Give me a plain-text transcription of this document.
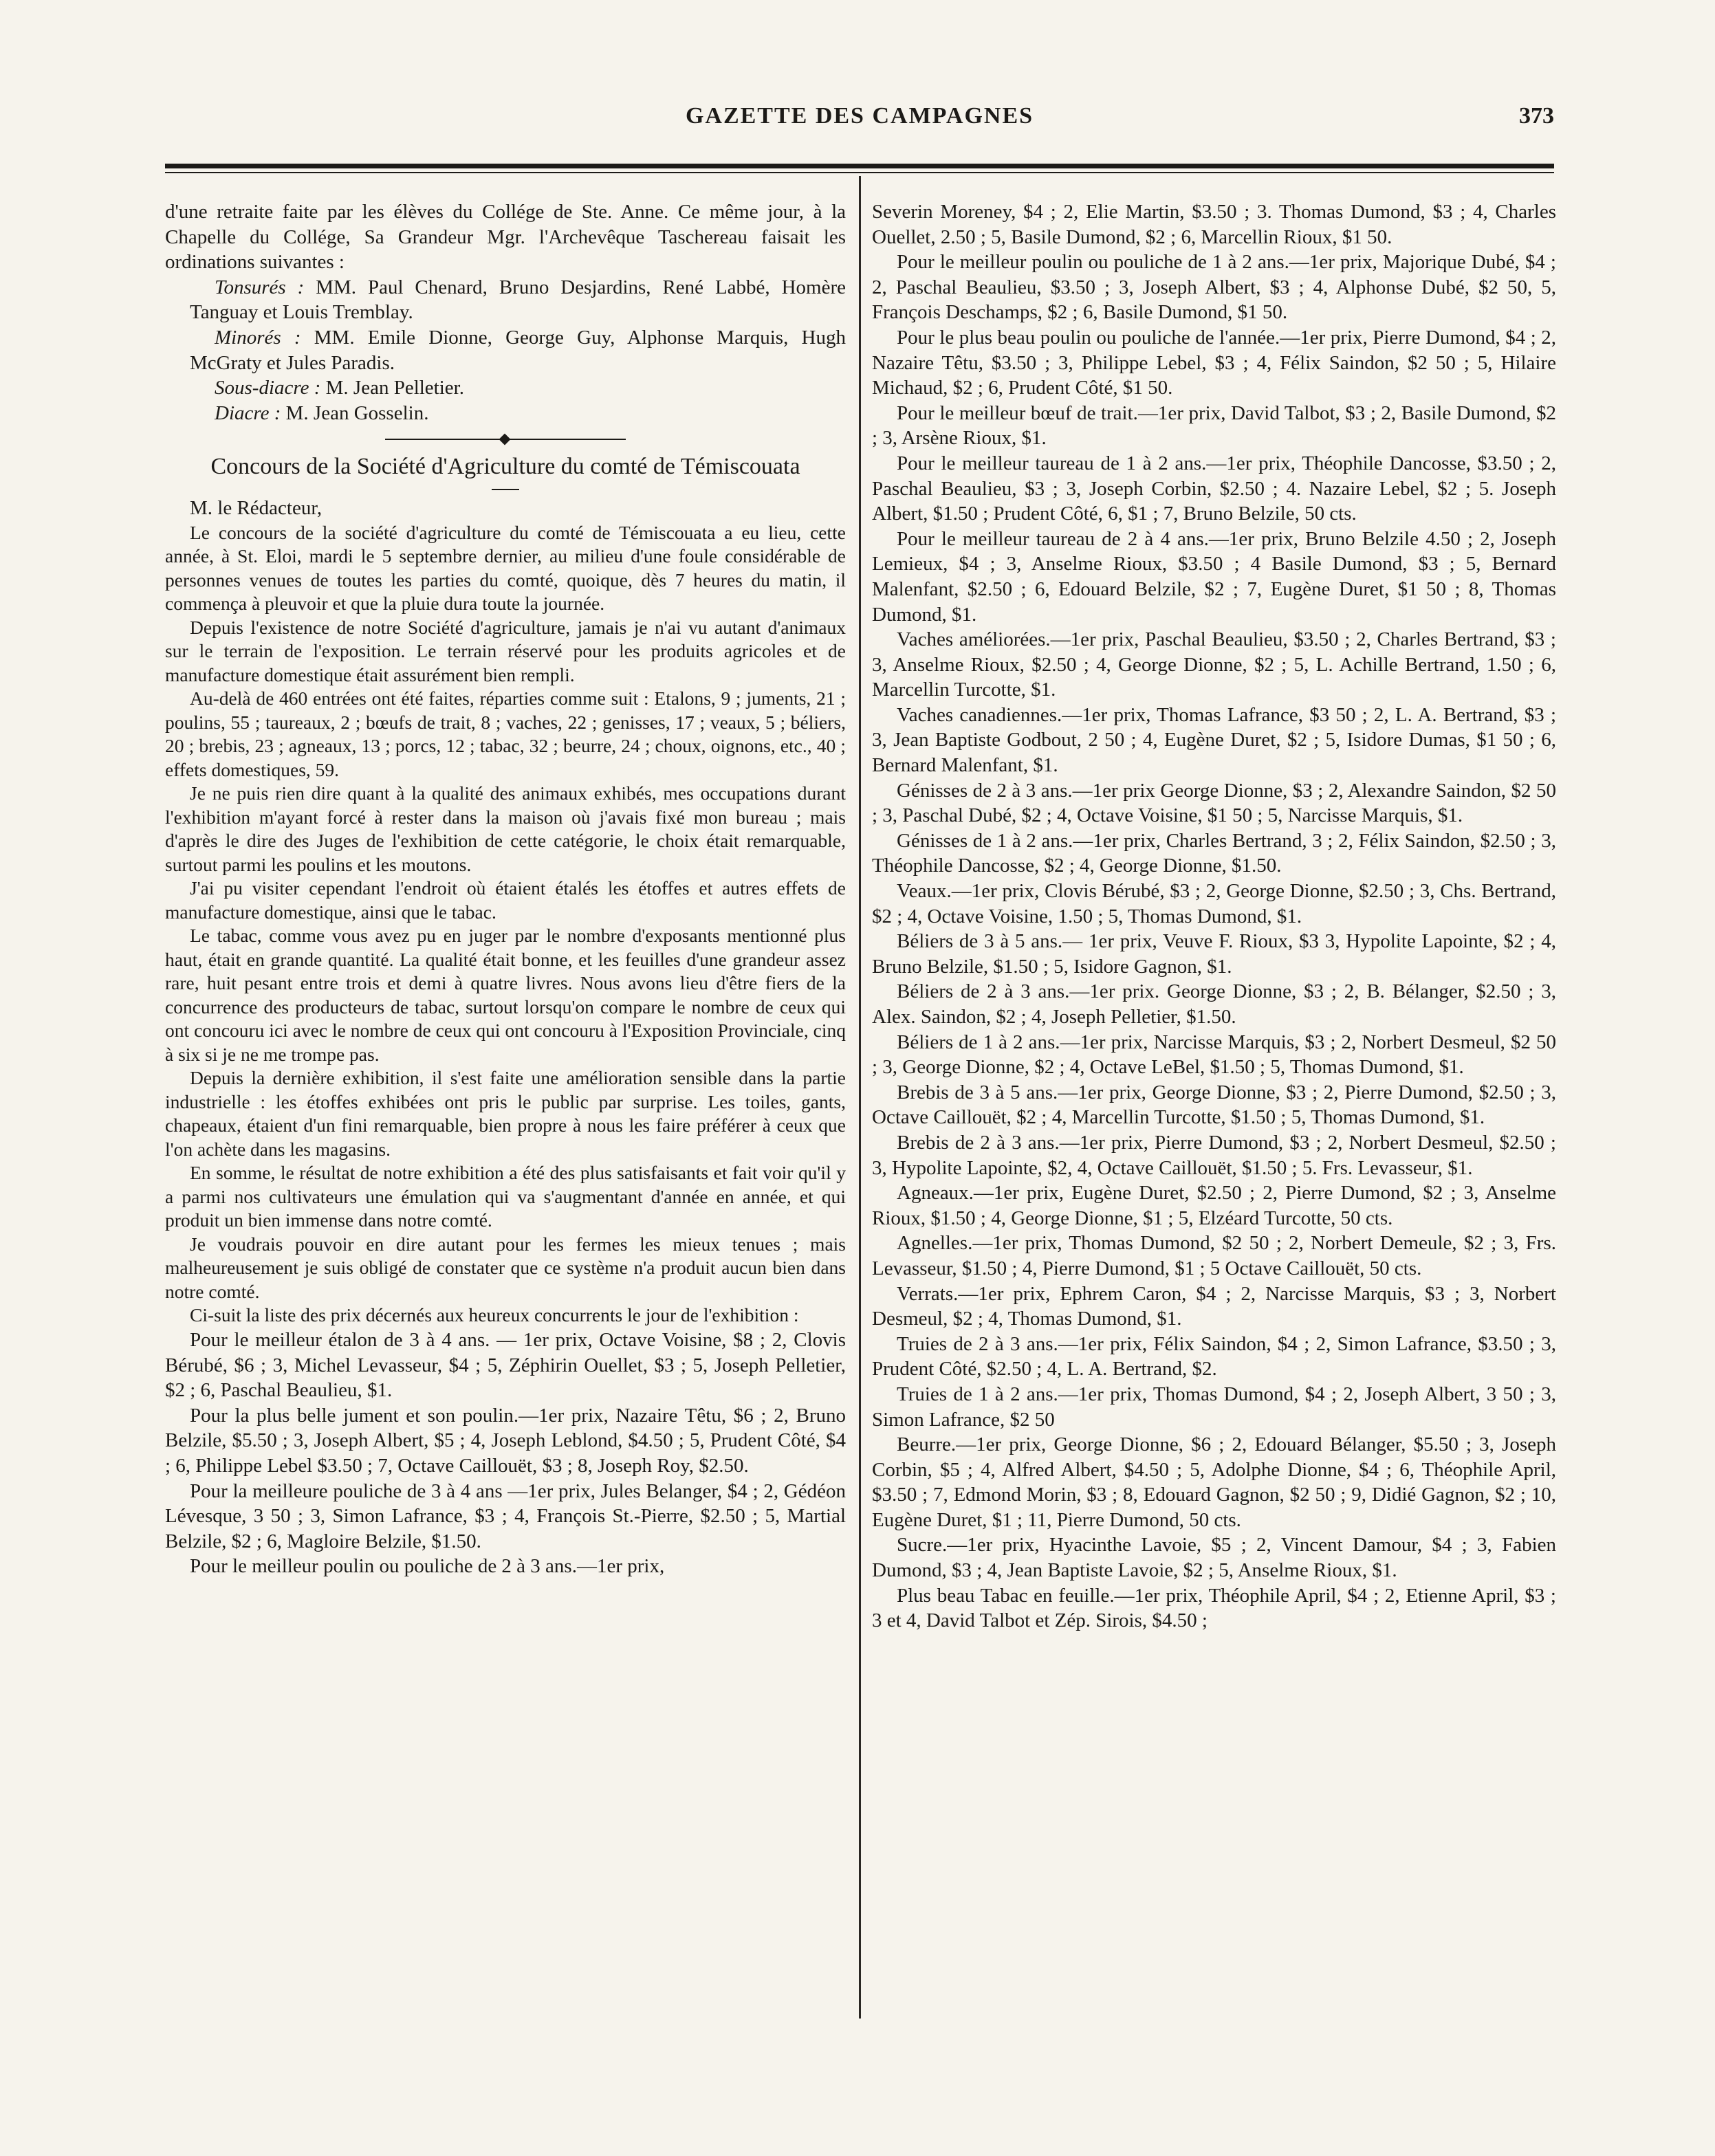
GAZETTE DES CAMPAGNES	373

d'une retraite faite par les élèves du Collége de Ste. Anne. Ce même jour, à la Chapelle du Collége, Sa Grandeur Mgr. l'Archevêque Taschereau faisait les ordinations suivantes :

Tonsurés : MM. Paul Chenard, Bruno Desjardins, René Labbé, Homère Tanguay et Louis Tremblay.

Minorés : MM. Emile Dionne, George Guy, Alphonse Marquis, Hugh McGraty et Jules Paradis.

Sous-diacre : M. Jean Pelletier.

Diacre : M. Jean Gosselin.

Concours de la Société d'Agriculture du comté de Témiscouata

M. le Rédacteur,

Le concours de la société d'agriculture du comté de Témiscouata a eu lieu, cette année, à St. Eloi, mardi le 5 septembre dernier, au milieu d'une foule considérable de personnes venues de toutes les parties du comté, quoique, dès 7 heures du matin, il commença à pleuvoir et que la pluie dura toute la journée.

Depuis l'existence de notre Société d'agriculture, jamais je n'ai vu autant d'animaux sur le terrain de l'exposition. Le terrain réservé pour les produits agricoles et de manufacture domestique était assurément bien rempli.

Au-delà de 460 entrées ont été faites, réparties comme suit : Etalons, 9 ; juments, 21 ; poulins, 55 ; taureaux, 2 ; bœufs de trait, 8 ; vaches, 22 ; genisses, 17 ; veaux, 5 ; béliers, 20 ; brebis, 23 ; agneaux, 13 ; porcs, 12 ; tabac, 32 ; beurre, 24 ; choux, oignons, etc., 40 ; effets domestiques, 59.

Je ne puis rien dire quant à la qualité des animaux exhibés, mes occupations durant l'exhibition m'ayant forcé à rester dans la maison où j'avais fixé mon bureau ; mais d'après le dire des Juges de l'exhibition de cette catégorie, le choix était remarquable, surtout parmi les poulins et les moutons.

J'ai pu visiter cependant l'endroit où étaient étalés les étoffes et autres effets de manufacture domestique, ainsi que le tabac.

Le tabac, comme vous avez pu en juger par le nombre d'exposants mentionné plus haut, était en grande quantité. La qualité était bonne, et les feuilles d'une grandeur assez rare, huit pesant entre trois et demi à quatre livres. Nous avons lieu d'être fiers de la concurrence des producteurs de tabac, surtout lorsqu'on compare le nombre de ceux qui ont concouru ici avec le nombre de ceux qui ont concouru à l'Exposition Provinciale, cinq à six si je ne me trompe pas.

Depuis la dernière exhibition, il s'est faite une amélioration sensible dans la partie industrielle : les étoffes exhibées ont pris le public par surprise. Les toiles, gants, chapeaux, étaient d'un fini remarquable, bien propre à nous les faire préférer à ceux que l'on achète dans les magasins.

En somme, le résultat de notre exhibition a été des plus satisfaisants et fait voir qu'il y a parmi nos cultivateurs une émulation qui va s'augmentant d'année en année, et qui produit un bien immense dans notre comté.

Je voudrais pouvoir en dire autant pour les fermes les mieux tenues ; mais malheureusement je suis obligé de constater que ce système n'a produit aucun bien dans notre comté.

Ci-suit la liste des prix décernés aux heureux concurrents le jour de l'exhibition :

Pour le meilleur étalon de 3 à 4 ans. — 1er prix, Octave Voisine, $8 ; 2, Clovis Bérubé, $6 ; 3, Michel Levasseur, $4 ; 5, Zéphirin Ouellet, $3 ; 5, Joseph Pelletier, $2 ; 6, Paschal Beaulieu, $1.

Pour la plus belle jument et son poulin.—1er prix, Nazaire Têtu, $6 ; 2, Bruno Belzile, $5.50 ; 3, Joseph Albert, $5 ; 4, Joseph Leblond, $4.50 ; 5, Prudent Côté, $4 ; 6, Philippe Lebel $3.50 ; 7, Octave Caillouët, $3 ; 8, Joseph Roy, $2.50.

Pour la meilleure pouliche de 3 à 4 ans —1er prix, Jules Belanger, $4 ; 2, Gédéon Lévesque, 3 50 ; 3, Simon Lafrance, $3 ; 4, François St.-Pierre, $2.50 ; 5, Martial Belzile, $2 ; 6, Magloire Belzile, $1.50.

Pour le meilleur poulin ou pouliche de 2 à 3 ans.—1er prix,

Severin Moreney, $4 ; 2, Elie Martin, $3.50 ; 3. Thomas Dumond, $3 ; 4, Charles Ouellet, 2.50 ; 5, Basile Dumond, $2 ; 6, Marcellin Rioux, $1 50.

Pour le meilleur poulin ou pouliche de 1 à 2 ans.—1er prix, Majorique Dubé, $4 ; 2, Paschal Beaulieu, $3.50 ; 3, Joseph Albert, $3 ; 4, Alphonse Dubé, $2 50, 5, François Deschamps, $2 ; 6, Basile Dumond, $1 50.

Pour le plus beau poulin ou pouliche de l'année.—1er prix, Pierre Dumond, $4 ; 2, Nazaire Têtu, $3.50 ; 3, Philippe Lebel, $3 ; 4, Félix Saindon, $2 50 ; 5, Hilaire Michaud, $2 ; 6, Prudent Côté, $1 50.

Pour le meilleur bœuf de trait.—1er prix, David Talbot, $3 ; 2, Basile Dumond, $2 ; 3, Arsène Rioux, $1.

Pour le meilleur taureau de 1 à 2 ans.—1er prix, Théophile Dancosse, $3.50 ; 2, Paschal Beaulieu, $3 ; 3, Joseph Corbin, $2.50 ; 4. Nazaire Lebel, $2 ; 5. Joseph Albert, $1.50 ; Prudent Côté, 6, $1 ; 7, Bruno Belzile, 50 cts.

Pour le meilleur taureau de 2 à 4 ans.—1er prix, Bruno Belzile 4.50 ; 2, Joseph Lemieux, $4 ; 3, Anselme Rioux, $3.50 ; 4 Basile Dumond, $3 ; 5, Bernard Malenfant, $2.50 ; 6, Edouard Belzile, $2 ; 7, Eugène Duret, $1 50 ; 8, Thomas Dumond, $1.

Vaches améliorées.—1er prix, Paschal Beaulieu, $3.50 ; 2, Charles Bertrand, $3 ; 3, Anselme Rioux, $2.50 ; 4, George Dionne, $2 ; 5, L. Achille Bertrand, 1.50 ; 6, Marcellin Turcotte, $1.

Vaches canadiennes.—1er prix, Thomas Lafrance, $3 50 ; 2, L. A. Bertrand, $3 ; 3, Jean Baptiste Godbout, 2 50 ; 4, Eugène Duret, $2 ; 5, Isidore Dumas, $1 50 ; 6, Bernard Malenfant, $1.

Génisses de 2 à 3 ans.—1er prix George Dionne, $3 ; 2, Alexandre Saindon, $2 50 ; 3, Paschal Dubé, $2 ; 4, Octave Voisine, $1 50 ; 5, Narcisse Marquis, $1.

Génisses de 1 à 2 ans.—1er prix, Charles Bertrand, 3 ; 2, Félix Saindon, $2.50 ; 3, Théophile Dancosse, $2 ; 4, George Dionne, $1.50.

Veaux.—1er prix, Clovis Bérubé, $3 ; 2, George Dionne, $2.50 ; 3, Chs. Bertrand, $2 ; 4, Octave Voisine, 1.50 ; 5, Thomas Dumond, $1.

Béliers de 3 à 5 ans.— 1er prix, Veuve F. Rioux, $3 3, Hypolite Lapointe, $2 ; 4, Bruno Belzile, $1.50 ; 5, Isidore Gagnon, $1.

Béliers de 2 à 3 ans.—1er prix. George Dionne, $3 ; 2, B. Bélanger, $2.50 ; 3, Alex. Saindon, $2 ; 4, Joseph Pelletier, $1.50.

Béliers de 1 à 2 ans.—1er prix, Narcisse Marquis, $3 ; 2, Norbert Desmeul, $2 50 ; 3, George Dionne, $2 ; 4, Octave LeBel, $1.50 ; 5, Thomas Dumond, $1.

Brebis de 3 à 5 ans.—1er prix, George Dionne, $3 ; 2, Pierre Dumond, $2.50 ; 3, Octave Caillouët, $2 ; 4, Marcellin Turcotte, $1.50 ; 5, Thomas Dumond, $1.

Brebis de 2 à 3 ans.—1er prix, Pierre Dumond, $3 ; 2, Norbert Desmeul, $2.50 ; 3, Hypolite Lapointe, $2, 4, Octave Caillouët, $1.50 ; 5. Frs. Levasseur, $1.

Agneaux.—1er prix, Eugène Duret, $2.50 ; 2, Pierre Dumond, $2 ; 3, Anselme Rioux, $1.50 ; 4, George Dionne, $1 ; 5, Elzéard Turcotte, 50 cts.

Agnelles.—1er prix, Thomas Dumond, $2 50 ; 2, Norbert Demeule, $2 ; 3, Frs. Levasseur, $1.50 ; 4, Pierre Dumond, $1 ; 5 Octave Caillouët, 50 cts.

Verrats.—1er prix, Ephrem Caron, $4 ; 2, Narcisse Marquis, $3 ; 3, Norbert Desmeul, $2 ; 4, Thomas Dumond, $1.

Truies de 2 à 3 ans.—1er prix, Félix Saindon, $4 ; 2, Simon Lafrance, $3.50 ; 3, Prudent Côté, $2.50 ; 4, L. A. Bertrand, $2.

Truies de 1 à 2 ans.—1er prix, Thomas Dumond, $4 ; 2, Joseph Albert, 3 50 ; 3, Simon Lafrance, $2 50

Beurre.—1er prix, George Dionne, $6 ; 2, Edouard Bélanger, $5.50 ; 3, Joseph Corbin, $5 ; 4, Alfred Albert, $4.50 ; 5, Adolphe Dionne, $4 ; 6, Théophile April, $3.50 ; 7, Edmond Morin, $3 ; 8, Edouard Gagnon, $2 50 ; 9, Didié Gagnon, $2 ; 10, Eugène Duret, $1 ; 11, Pierre Dumond, 50 cts.

Sucre.—1er prix, Hyacinthe Lavoie, $5 ; 2, Vincent Damour, $4 ; 3, Fabien Dumond, $3 ; 4, Jean Baptiste Lavoie, $2 ; 5, Anselme Rioux, $1.

Plus beau Tabac en feuille.—1er prix, Théophile April, $4 ; 2, Etienne April, $3 ; 3 et 4, David Talbot et Zép. Sirois, $4.50 ;
